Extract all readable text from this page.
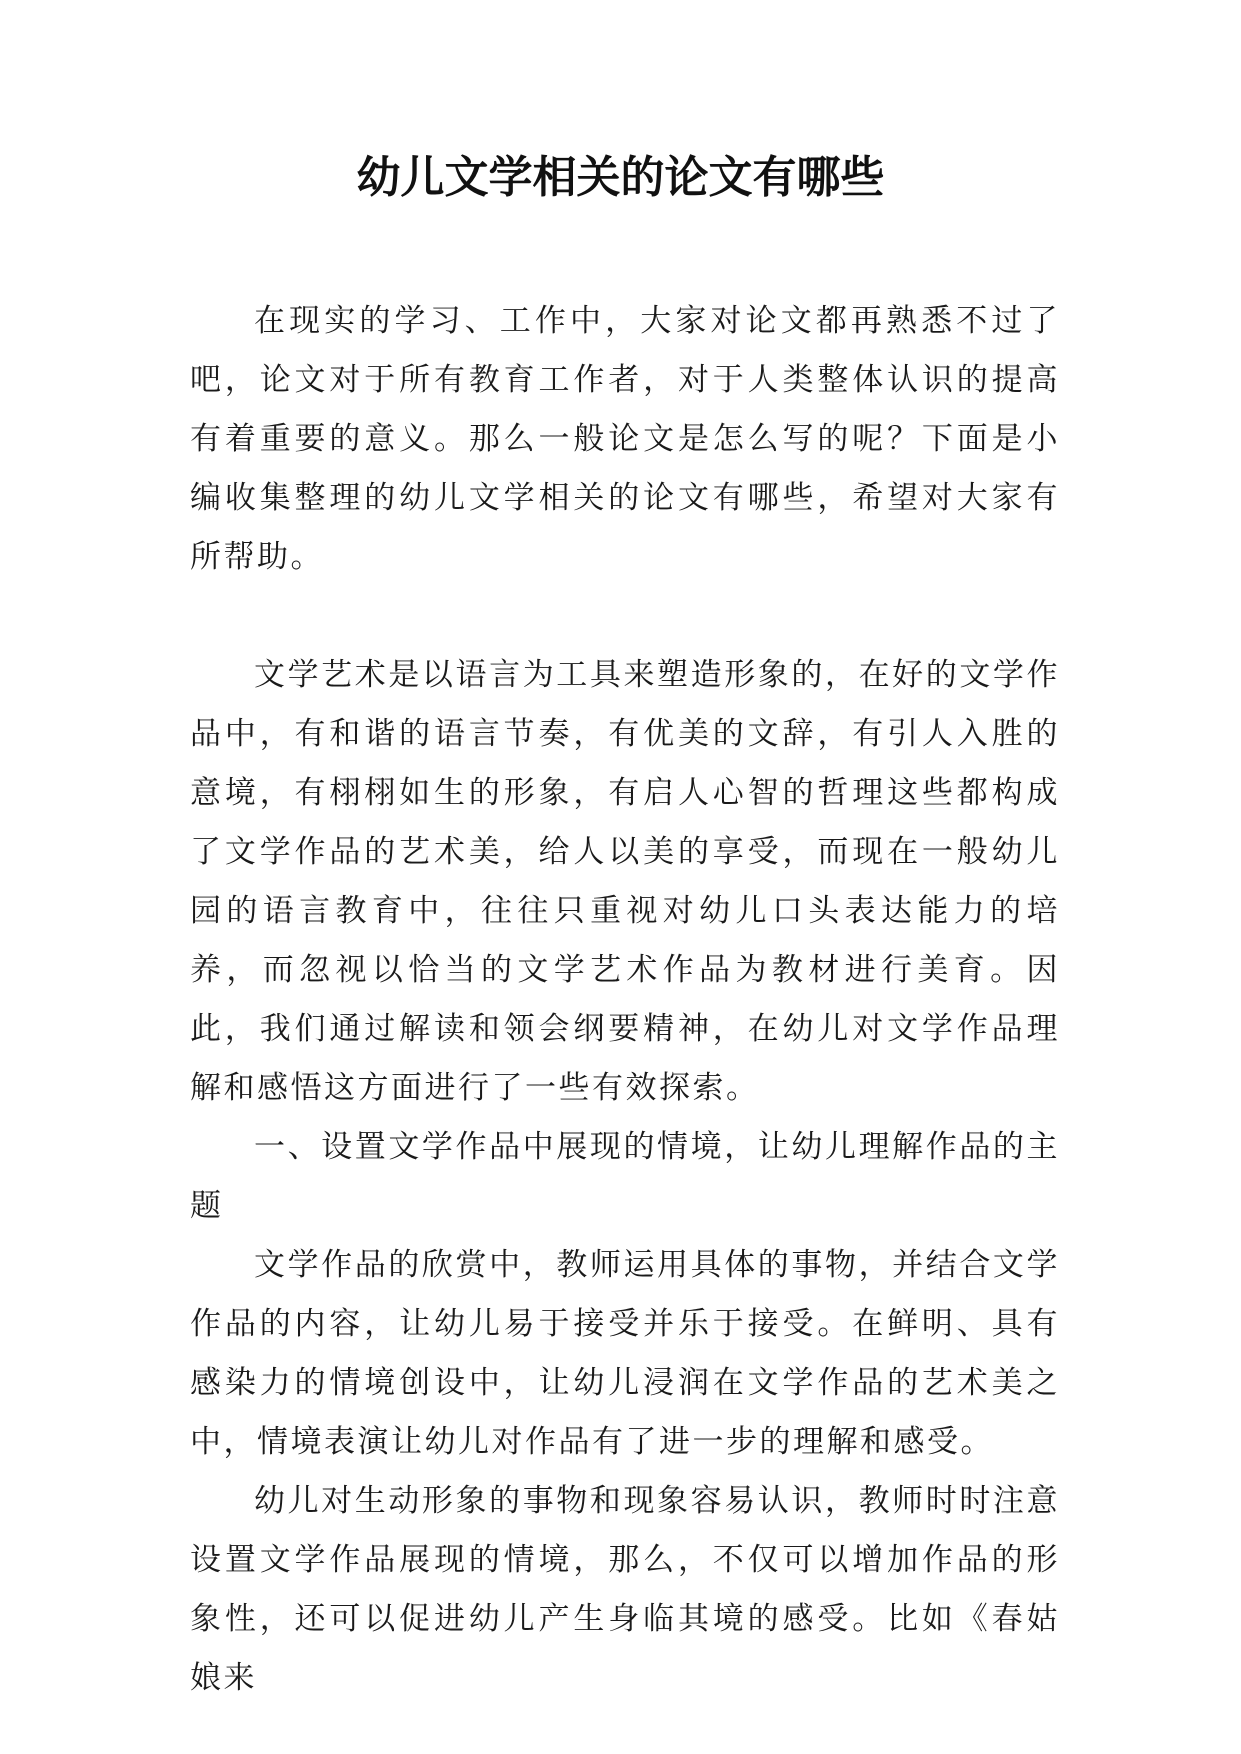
幼儿文学相关的论文有哪些

在现实的学习、工作中，大家对论文都再熟悉不过了吧，论文对于所有教育工作者，对于人类整体认识的提高有着重要的意义。那么一般论文是怎么写的呢？下面是小编收集整理的幼儿文学相关的论文有哪些，希望对大家有所帮助。

文学艺术是以语言为工具来塑造形象的，在好的文学作品中，有和谐的语言节奏，有优美的文辞，有引人入胜的意境，有栩栩如生的形象，有启人心智的哲理这些都构成了文学作品的艺术美，给人以美的享受，而现在一般幼儿园的语言教育中，往往只重视对幼儿口头表达能力的培养，而忽视以恰当的文学艺术作品为教材进行美育。因此，我们通过解读和领会纲要精神，在幼儿对文学作品理解和感悟这方面进行了一些有效探索。

一、设置文学作品中展现的情境，让幼儿理解作品的主题

文学作品的欣赏中，教师运用具体的事物，并结合文学作品的内容，让幼儿易于接受并乐于接受。在鲜明、具有感染力的情境创设中，让幼儿浸润在文学作品的艺术美之中，情境表演让幼儿对作品有了进一步的理解和感受。

幼儿对生动形象的事物和现象容易认识，教师时时注意设置文学作品展现的情境，那么，不仅可以增加作品的形象性，还可以促进幼儿产生身临其境的感受。比如《春姑娘来
